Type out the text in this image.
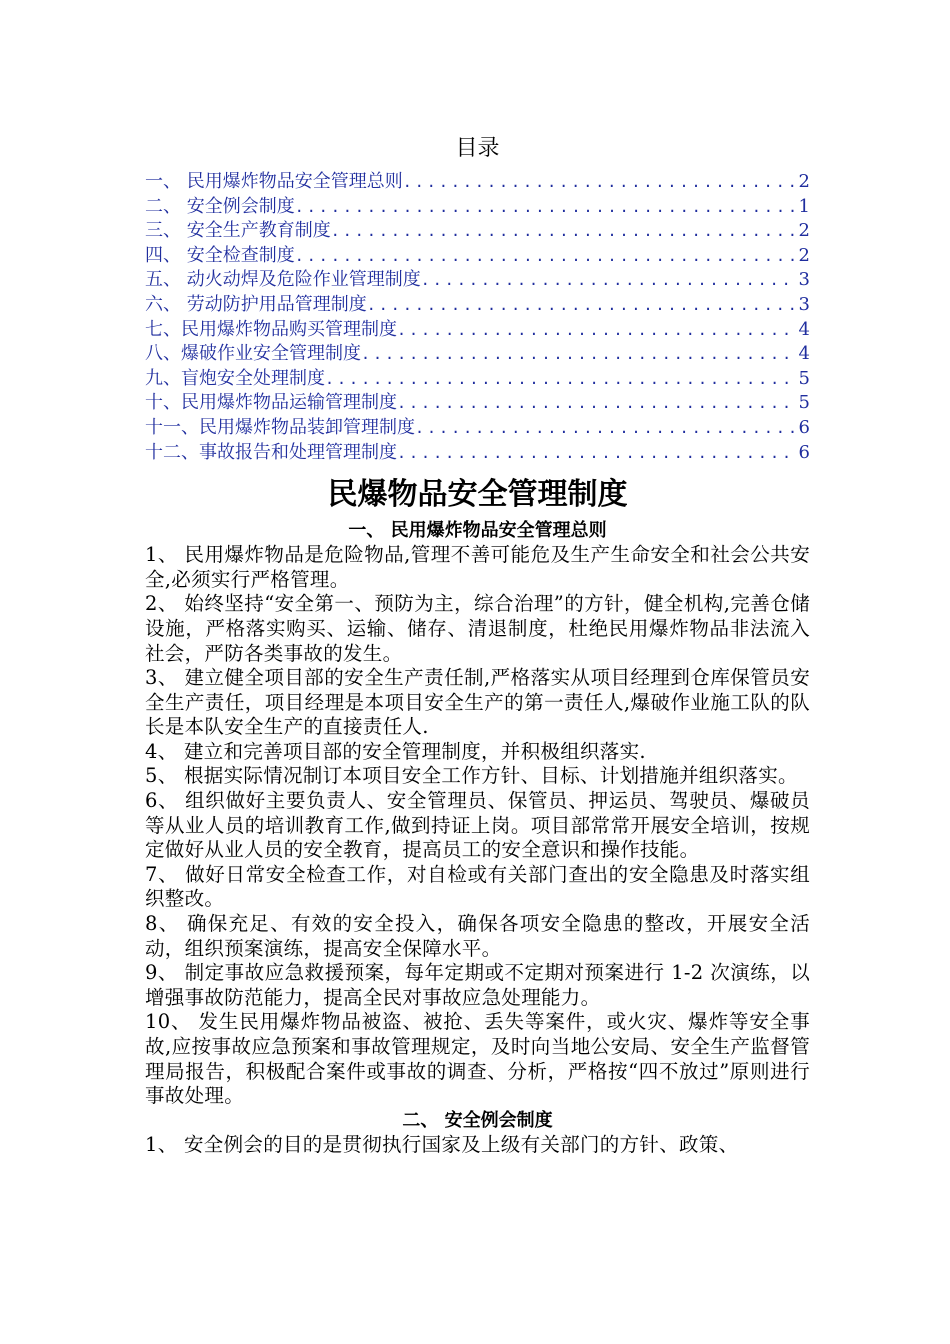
目录
一、 民用爆炸物品安全管理总则 .....	2
二、 安全例会制度 .....	1
三、 安全生产教育制度 .....	2
四、 安全检查制度 .....	2
五、 动火动焊及危险作业管理制度 .....	3
六、 劳动防护用品管理制度 .....	3
七、民用爆炸物品购买管理制度 .....	4
八、爆破作业安全管理制度 .....	4
九、盲炮安全处理制度 .....	5
十、民用爆炸物品运输管理制度 .....	5
十一、民用爆炸物品装卸管理制度 .....	6
十二、事故报告和处理管理制度 .....	6
民爆物品安全管理制度
一、 民用爆炸物品安全管理总则

1、 民用爆炸物品是危险物品,管理不善可能危及生产生命安全和社会公共安全,必须实行严格管理。

2、 始终坚持“安全第一、预防为主，综合治理”的方针，健全机构,完善仓储设施，严格落实购买、运输、储存、清退制度，杜绝民用爆炸物品非法流入社会，严防各类事故的发生。

3、 建立健全项目部的安全生产责任制,严格落实从项目经理到仓库保管员安全生产责任，项目经理是本项目安全生产的第一责任人,爆破作业施工队的队长是本队安全生产的直接责任人.

4、 建立和完善项目部的安全管理制度，并积极组织落实.

5、 根据实际情况制订本项目安全工作方针、目标、计划措施并组织落实。

6、 组织做好主要负责人、安全管理员、保管员、押运员、驾驶员、爆破员等从业人员的培训教育工作,做到持证上岗。项目部常常开展安全培训，按规定做好从业人员的安全教育，提高员工的安全意识和操作技能。

7、 做好日常安全检查工作，对自检或有关部门查出的安全隐患及时落实组织整改。

8、 确保充足、有效的安全投入，确保各项安全隐患的整改，开展安全活动，组织预案演练，提高安全保障水平。

9、 制定事故应急救援预案，每年定期或不定期对预案进行 1-2 次演练，以增强事故防范能力，提高全民对事故应急处理能力。

10、 发生民用爆炸物品被盗、被抢、丢失等案件，或火灾、爆炸等安全事故,应按事故应急预案和事故管理规定，及时向当地公安局、安全生产监督管理局报告，积极配合案件或事故的调查、分析，严格按“四不放过”原则进行事故处理。

二、 安全例会制度

1、 安全例会的目的是贯彻执行国家及上级有关部门的方针、政策、
